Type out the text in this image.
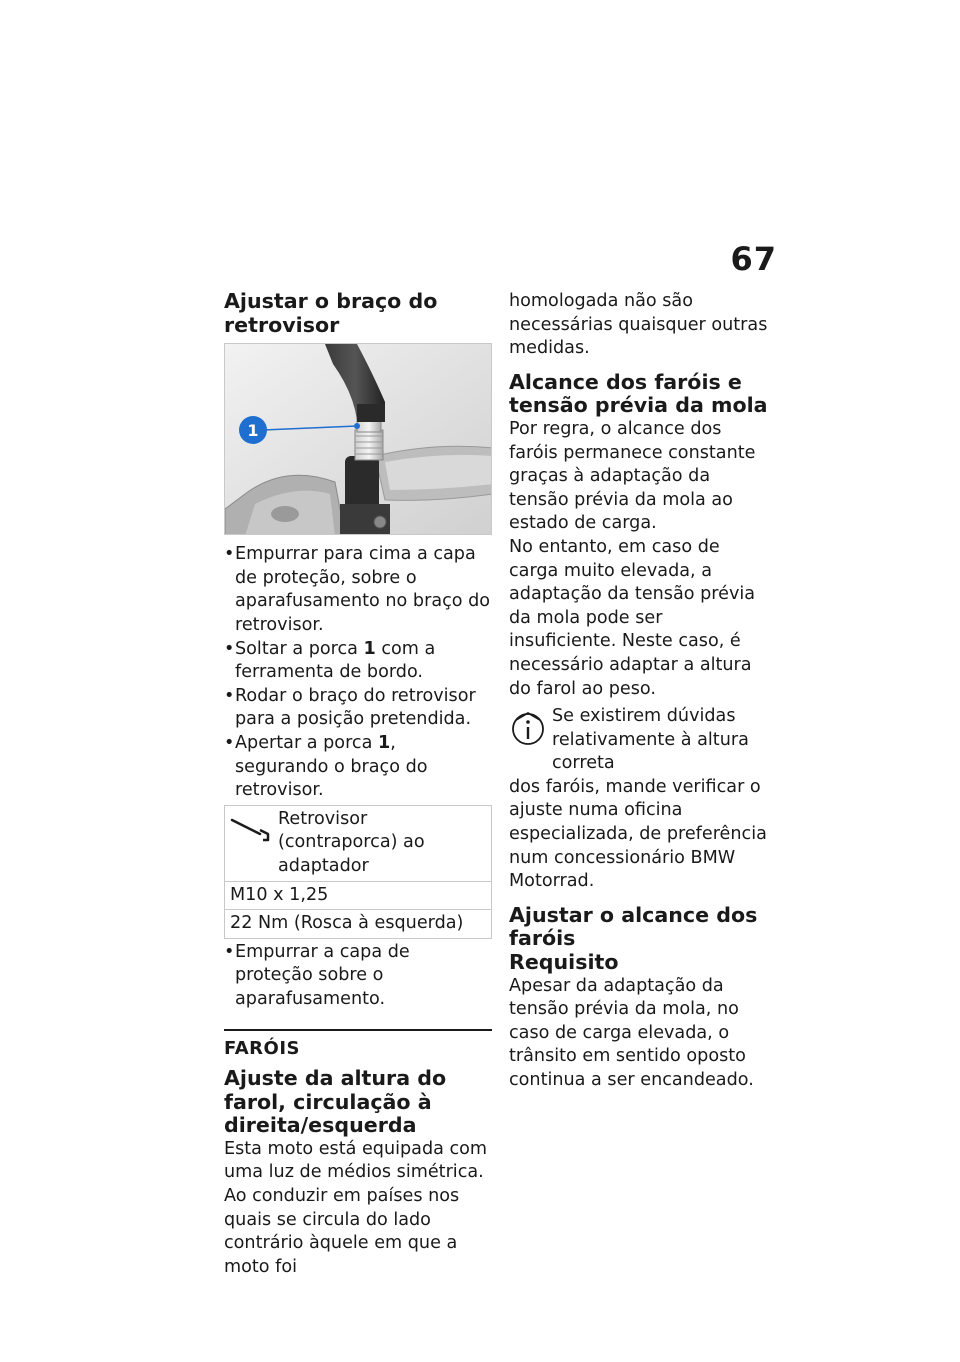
67
Ajustar o braço do retrovisor
1
• Empurrar para cima a capa de proteção, sobre o aparafusamento no braço do retrovisor.
• Soltar a porca 1 com a ferramenta de bordo.
• Rodar o braço do retrovisor para a posição pretendida.
• Apertar a porca 1, segurando o braço do retrovisor.
Retrovisor (contraporca) ao adaptador

M10 x 1,25
22 Nm (Rosca à esquerda)
• Empurrar a capa de proteção sobre o aparafusamento.
FARÓIS
Ajuste da altura do farol, circulação à direita/esquerda

Esta moto está equipada com uma luz de médios simétrica. Ao conduzir em países nos quais se circula do lado contrário àquele em que a moto foi

homologada não são necessárias quaisquer outras medidas.

Alcance dos faróis e tensão prévia da mola

Por regra, o alcance dos faróis permanece constante graças à adaptação da tensão prévia da mola ao estado de carga.

No entanto, em caso de carga muito elevada, a adaptação da tensão prévia da mola pode ser insuficiente. Neste caso, é necessário adaptar a altura do farol ao peso.

Se existirem dúvidas relativamente à altura correta
dos faróis, mande verificar o ajuste numa oficina especializada, de preferência num concessionário BMW Motorrad.
Ajustar o alcance dos faróis
Requisito

Apesar da adaptação da tensão prévia da mola, no caso de carga elevada, o trânsito em sentido oposto continua a ser encandeado.
